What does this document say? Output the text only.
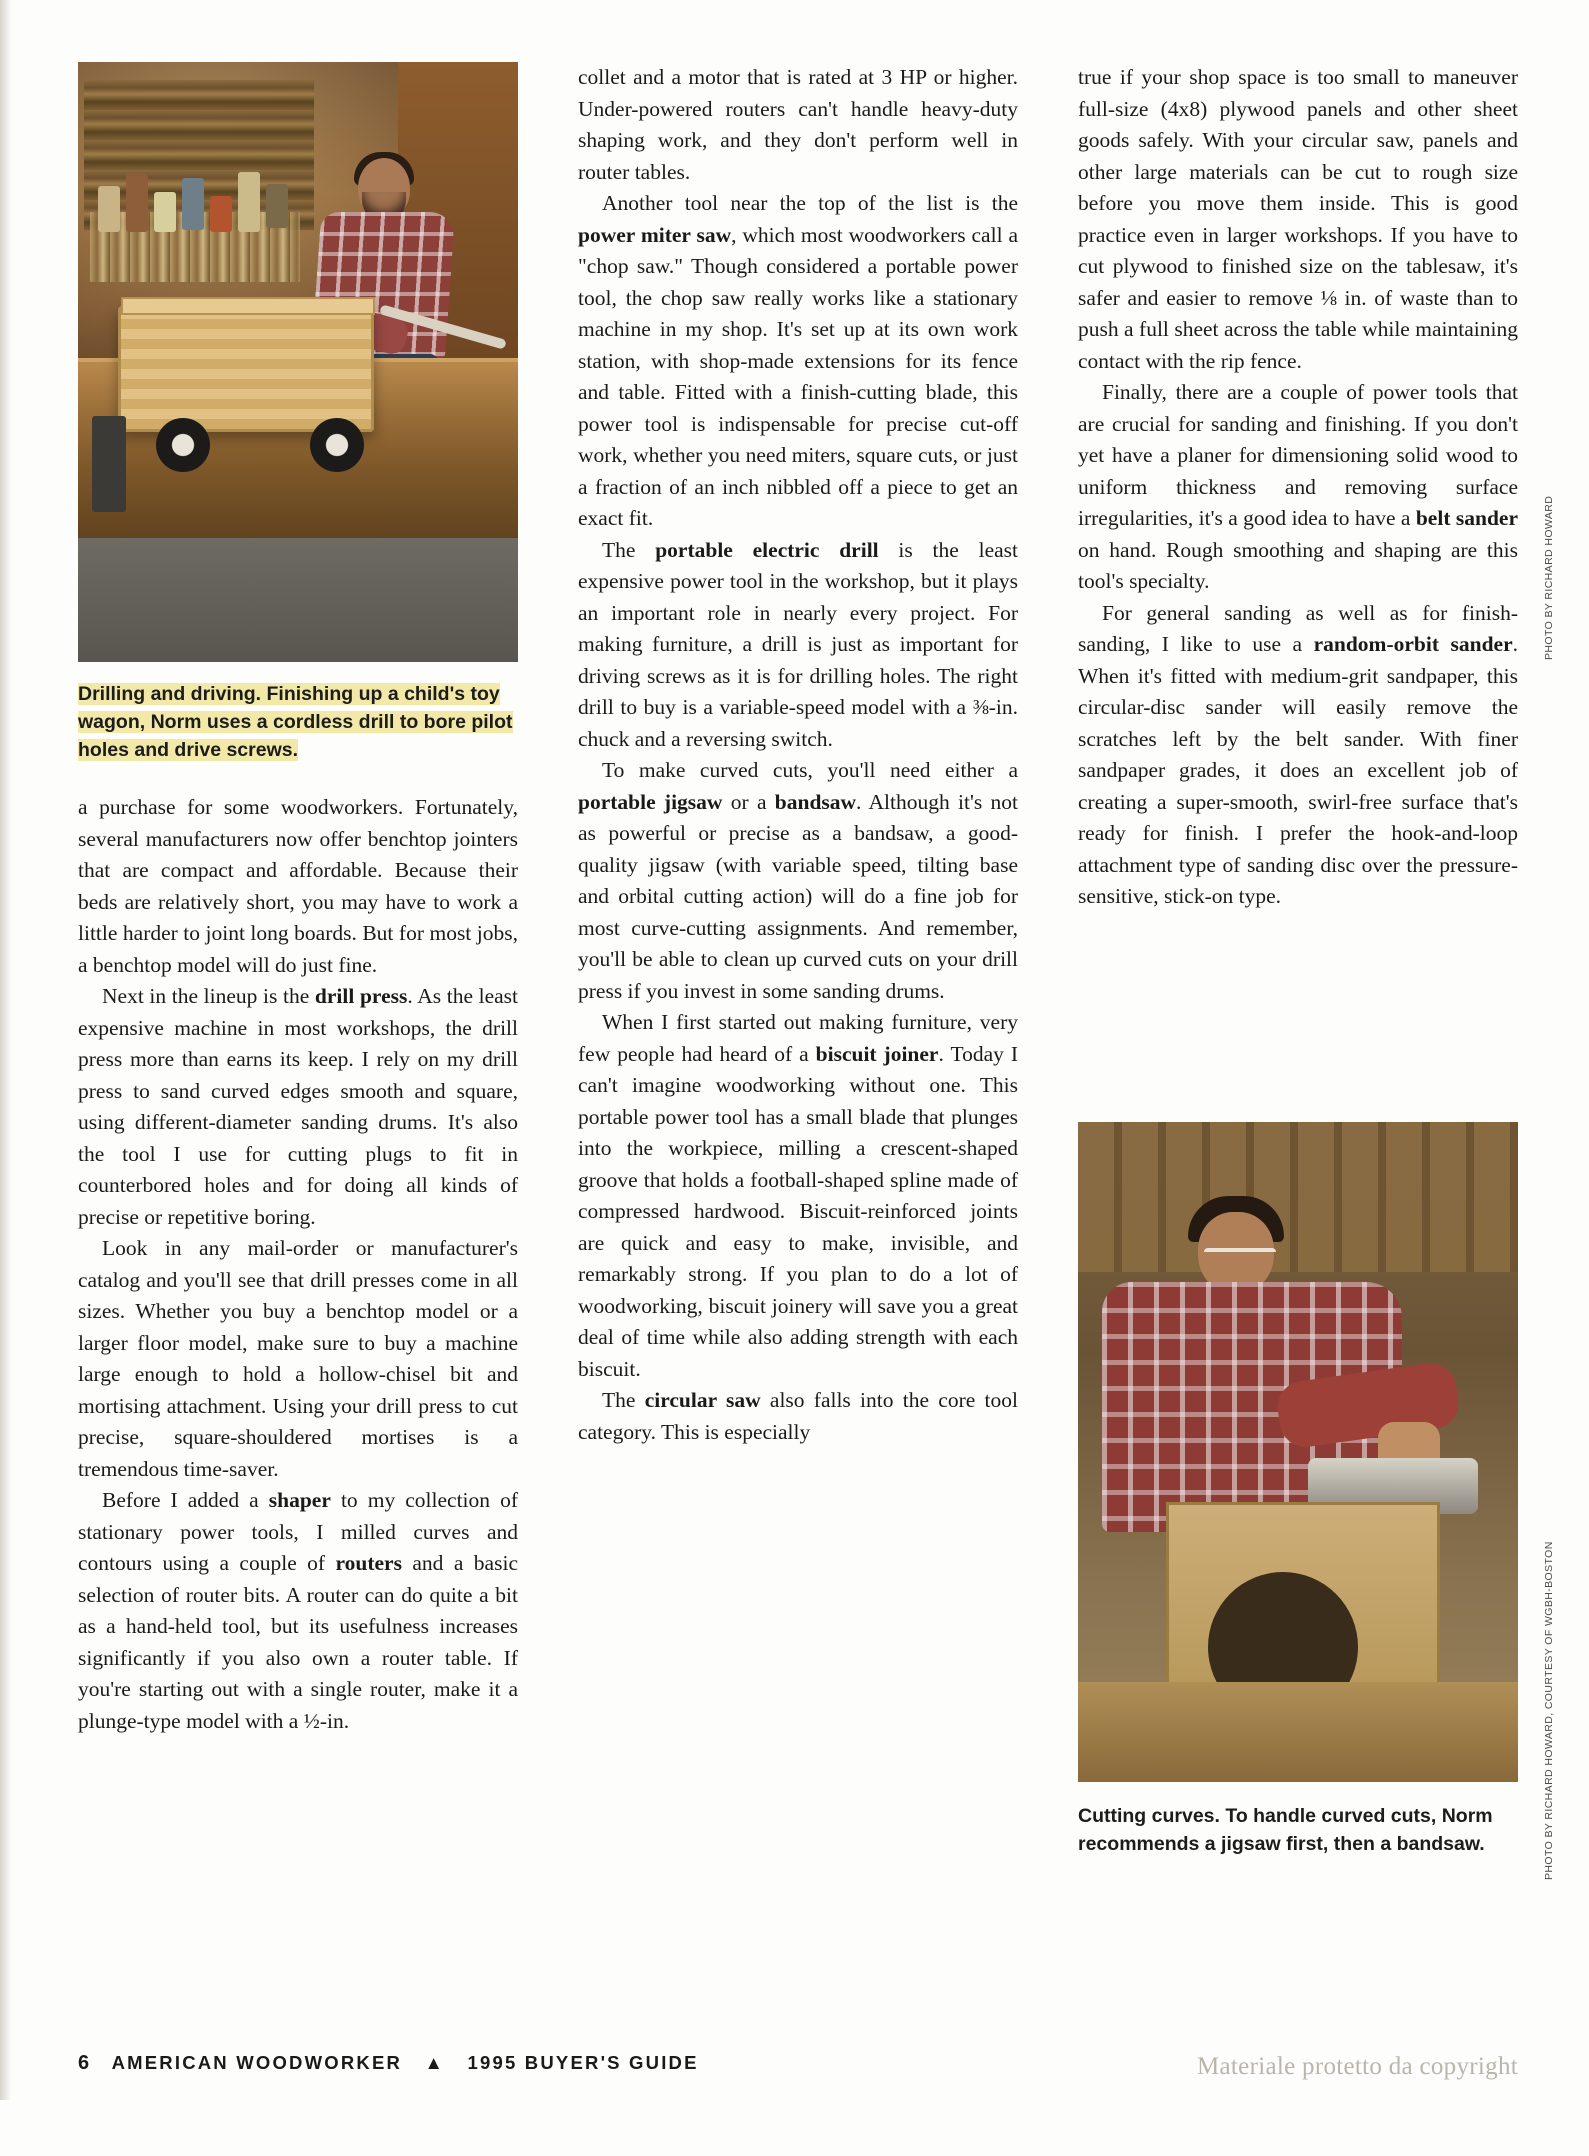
Drilling and driving. Finishing up a child's toy wagon, Norm uses a cordless drill to bore pilot holes and drive screws.

a purchase for some woodworkers. Fortunately, several manufacturers now offer benchtop jointers that are compact and affordable. Because their beds are relatively short, you may have to work a little harder to joint long boards. But for most jobs, a benchtop model will do just fine.

Next in the lineup is the drill press. As the least expensive machine in most workshops, the drill press more than earns its keep. I rely on my drill press to sand curved edges smooth and square, using different-diameter sanding drums. It's also the tool I use for cutting plugs to fit in counterbored holes and for doing all kinds of precise or repetitive boring.

Look in any mail-order or manufacturer's catalog and you'll see that drill presses come in all sizes. Whether you buy a benchtop model or a larger floor model, make sure to buy a machine large enough to hold a hollow-chisel bit and mortising attachment. Using your drill press to cut precise, square-shouldered mortises is a tremendous time-saver.

Before I added a shaper to my collection of stationary power tools, I milled curves and contours using a couple of routers and a basic selection of router bits. A router can do quite a bit as a hand-held tool, but its usefulness increases significantly if you also own a router table. If you're starting out with a single router, make it a plunge-type model with a ½-in.

collet and a motor that is rated at 3 HP or higher. Under-powered routers can't handle heavy-duty shaping work, and they don't perform well in router tables.

Another tool near the top of the list is the power miter saw, which most woodworkers call a "chop saw." Though considered a portable power tool, the chop saw really works like a stationary machine in my shop. It's set up at its own work station, with shop-made extensions for its fence and table. Fitted with a finish-cutting blade, this power tool is indispensable for precise cut-off work, whether you need miters, square cuts, or just a fraction of an inch nibbled off a piece to get an exact fit.

The portable electric drill is the least expensive power tool in the workshop, but it plays an important role in nearly every project. For making furniture, a drill is just as important for driving screws as it is for drilling holes. The right drill to buy is a variable-speed model with a ⅜-in. chuck and a reversing switch.

To make curved cuts, you'll need either a portable jigsaw or a bandsaw. Although it's not as powerful or precise as a bandsaw, a good-quality jigsaw (with variable speed, tilting base and orbital cutting action) will do a fine job for most curve-cutting assignments. And remember, you'll be able to clean up curved cuts on your drill press if you invest in some sanding drums.

When I first started out making furniture, very few people had heard of a biscuit joiner. Today I can't imagine woodworking without one. This portable power tool has a small blade that plunges into the workpiece, milling a crescent-shaped groove that holds a football-shaped spline made of compressed hardwood. Biscuit-reinforced joints are quick and easy to make, invisible, and remarkably strong. If you plan to do a lot of woodworking, biscuit joinery will save you a great deal of time while also adding strength with each biscuit.

The circular saw also falls into the core tool category. This is especially

true if your shop space is too small to maneuver full-size (4x8) plywood panels and other sheet goods safely. With your circular saw, panels and other large materials can be cut to rough size before you move them inside. This is good practice even in larger workshops. If you have to cut plywood to finished size on the tablesaw, it's safer and easier to remove ⅛ in. of waste than to push a full sheet across the table while maintaining contact with the rip fence.

Finally, there are a couple of power tools that are crucial for sanding and finishing. If you don't yet have a planer for dimensioning solid wood to uniform thickness and removing surface irregularities, it's a good idea to have a belt sander on hand. Rough smoothing and shaping are this tool's specialty.

For general sanding as well as for finish-sanding, I like to use a random-orbit sander. When it's fitted with medium-grit sandpaper, this circular-disc sander will easily remove the scratches left by the belt sander. With finer sandpaper grades, it does an excellent job of creating a super-smooth, swirl-free surface that's ready for finish. I prefer the hook-and-loop attachment type of sanding disc over the pressure-sensitive, stick-on type.

Cutting curves. To handle curved cuts, Norm recommends a jigsaw first, then a bandsaw.
PHOTO BY RICHARD HOWARD
PHOTO BY RICHARD HOWARD, COURTESY OF WGBH-BOSTON
6 AMERICAN WOODWORKER ▲ 1995 BUYER'S GUIDE	Materiale protetto da copyright
